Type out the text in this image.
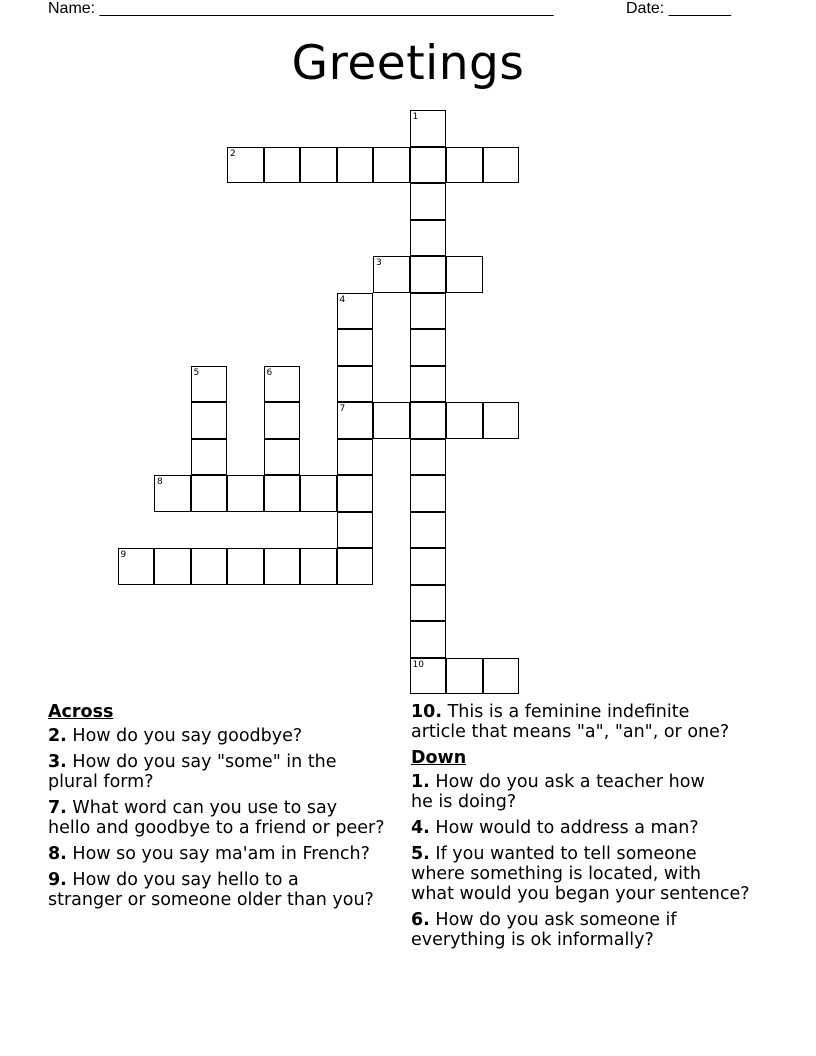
Name: ___________________________________________________	Date: _______
Greetings
1
10
2
3
4
7
5	6
8
9
Across
2. How do you say goodbye?
3. How do you say "some" in the
plural form?
7. What word can you use to say
hello and goodbye to a friend or peer?
8. How so you say ma'am in French?
9. How do you say hello to a
stranger or someone older than you?
10. This is a feminine indefinite
article that means "a", "an", or one?
Down
1. How do you ask a teacher how
he is doing?
4. How would to address a man?
5. If you wanted to tell someone
where something is located, with
what would you began your sentence?
6. How do you ask someone if
everything is ok informally?
